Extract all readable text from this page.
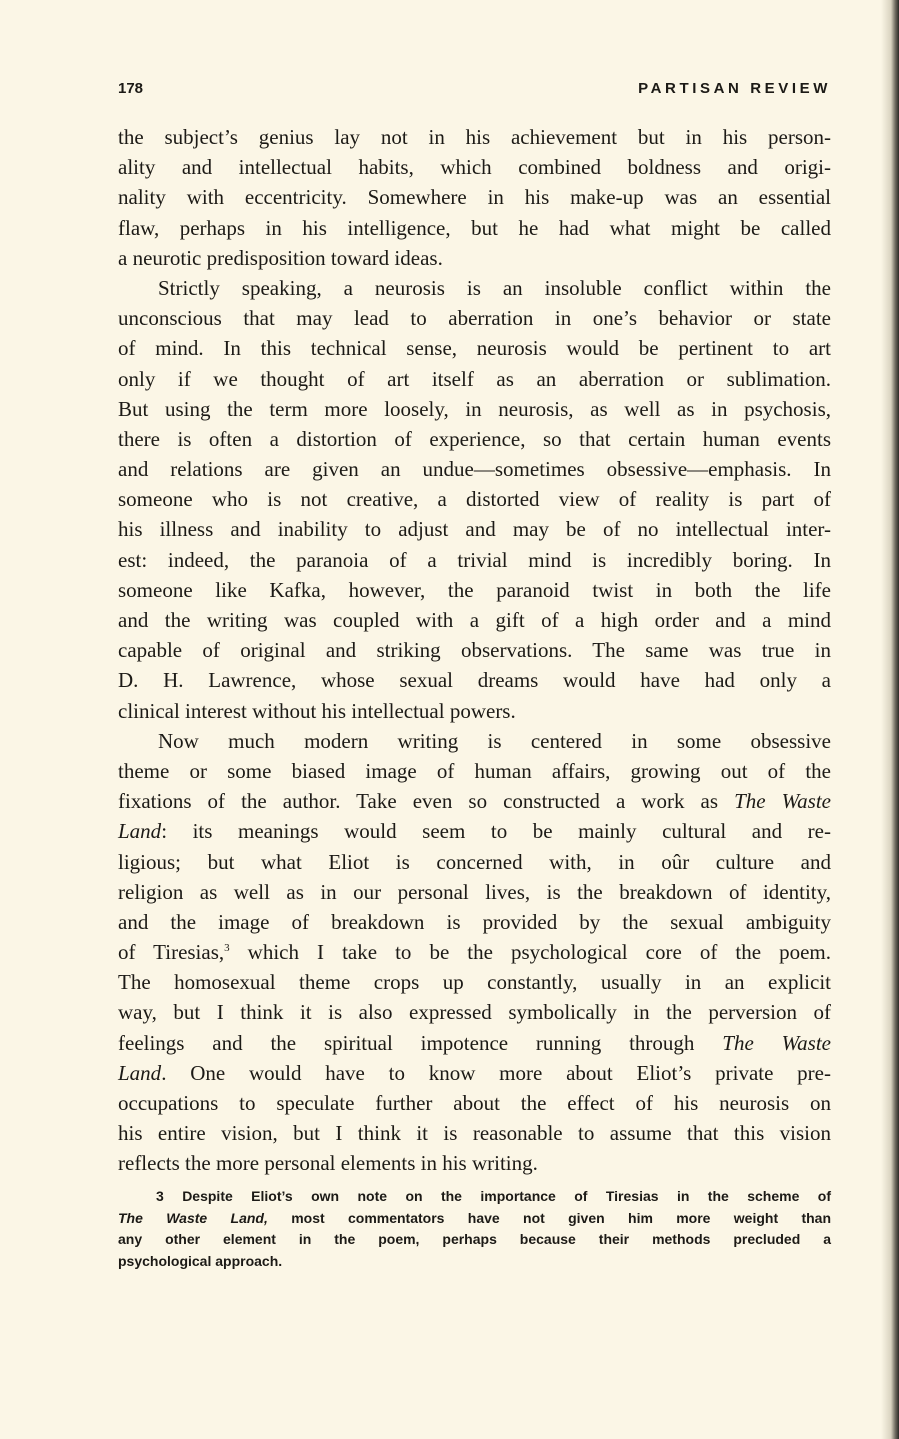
178	PARTISAN REVIEW
the subject’s genius lay not in his achievement but in his person-
ality and intellectual habits, which combined boldness and origi-
nality with eccentricity. Somewhere in his make-up was an essential
flaw, perhaps in his intelligence, but he had what might be called
a neurotic predisposition toward ideas.
Strictly speaking, a neurosis is an insoluble conflict within the
unconscious that may lead to aberration in one’s behavior or state
of mind. In this technical sense, neurosis would be pertinent to art
only if we thought of art itself as an aberration or sublimation.
But using the term more loosely, in neurosis, as well as in psychosis,
there is often a distortion of experience, so that certain human events
and relations are given an undue—sometimes obsessive—emphasis. In
someone who is not creative, a distorted view of reality is part of
his illness and inability to adjust and may be of no intellectual inter-
est: indeed, the paranoia of a trivial mind is incredibly boring. In
someone like Kafka, however, the paranoid twist in both the life
and the writing was coupled with a gift of a high order and a mind
capable of original and striking observations. The same was true in
D. H. Lawrence, whose sexual dreams would have had only a
clinical interest without his intellectual powers.
Now much modern writing is centered in some obsessive
theme or some biased image of human affairs, growing out of the
fixations of the author. Take even so constructed a work as The Waste
Land: its meanings would seem to be mainly cultural and re-
ligious; but what Eliot is concerned with, in oûr culture and
religion as well as in our personal lives, is the breakdown of identity,
and the image of breakdown is provided by the sexual ambiguity
of Tiresias,$^3$ which I take to be the psychological core of the poem.
The homosexual theme crops up constantly, usually in an explicit
way, but I think it is also expressed symbolically in the perversion of
feelings and the spiritual impotence running through The Waste
Land. One would have to know more about Eliot’s private pre-
occupations to speculate further about the effect of his neurosis on
his entire vision, but I think it is reasonable to assume that this vision
reflects the more personal elements in his writing.
3 Despite Eliot’s own note on the importance of Tiresias in the scheme of
The Waste Land, most commentators have not given him more weight than
any other element in the poem, perhaps because their methods precluded a
psychological approach.
